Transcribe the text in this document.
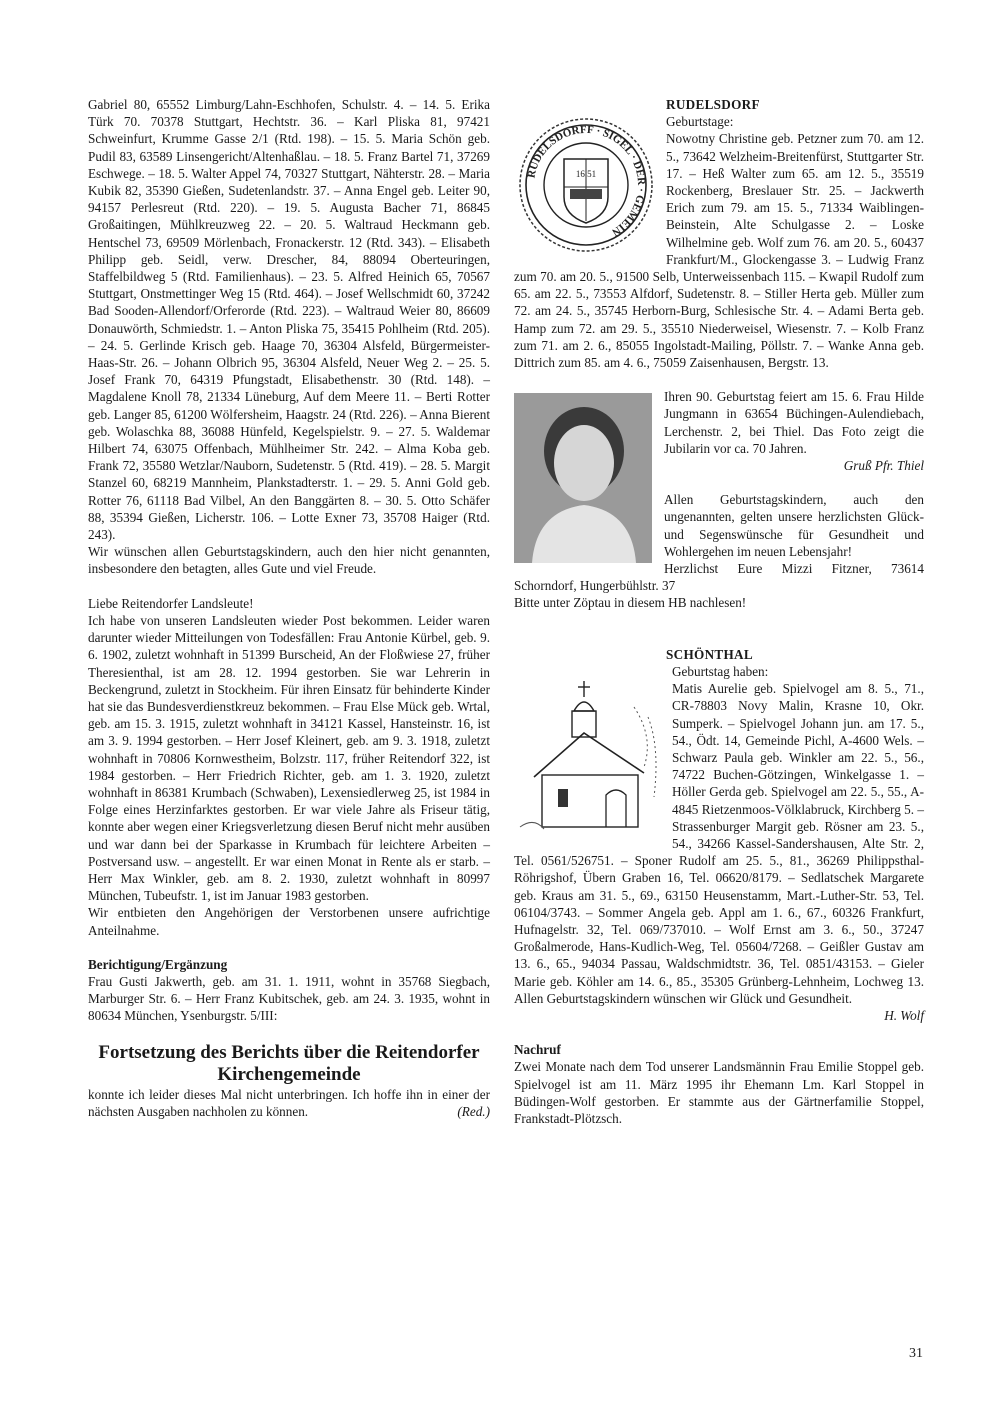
Gabriel 80, 65552 Limburg/Lahn-Eschhofen, Schulstr. 4. – 14. 5. Erika Türk 70. 70378 Stuttgart, Hechtstr. 36. – Karl Pliska 81, 97421 Schweinfurt, Krumme Gasse 2/1 (Rtd. 198). – 15. 5. Maria Schön geb. Pudil 83, 63589 Linsengericht/Altenhaßlau. – 18. 5. Franz Bartel 71, 37269 Eschwege. – 18. 5. Walter Appel 74, 70327 Stuttgart, Nähterstr. 28. – Maria Kubik 82, 35390 Gießen, Sudetenlandstr. 37. – Anna Engel geb. Leiter 90, 94157 Perlesreut (Rtd. 220). – 19. 5. Augusta Bacher 71, 86845 Großaitingen, Mühlkreuzweg 22. – 20. 5. Waltraud Heckmann geb. Hentschel 73, 69509 Mörlenbach, Fronackerstr. 12 (Rtd. 343). – Elisabeth Philipp geb. Seidl, verw. Drescher, 84, 88094 Oberteuringen, Staffelbildweg 5 (Rtd. Familienhaus). – 23. 5. Alfred Heinich 65, 70567 Stuttgart, Onstmettinger Weg 15 (Rtd. 464). – Josef Wellschmidt 60, 37242 Bad Sooden-Allendorf/Orferorde (Rtd. 223). – Waltraud Weier 80, 86609 Donauwörth, Schmiedstr. 1. – Anton Pliska 75, 35415 Pohlheim (Rtd. 205). – 24. 5. Gerlinde Krisch geb. Haage 70, 36304 Alsfeld, Bürgermeister-Haas-Str. 26. – Johann Olbrich 95, 36304 Alsfeld, Neuer Weg 2. – 25. 5. Josef Frank 70, 64319 Pfungstadt, Elisabethenstr. 30 (Rtd. 148). – Magdalene Knoll 78, 21334 Lüneburg, Auf dem Meere 11. – Berti Rotter geb. Langer 85, 61200 Wölfersheim, Haagstr. 24 (Rtd. 226). – Anna Bierent geb. Wolaschka 88, 36088 Hünfeld, Kegelspielstr. 9. – 27. 5. Waldemar Hilbert 74, 63075 Offenbach, Mühlheimer Str. 242. – Alma Koba geb. Frank 72, 35580 Wetzlar/Nauborn, Sudetenstr. 5 (Rtd. 419). – 28. 5. Margit Stanzel 60, 68219 Mannheim, Plankstadterstr. 1. – 29. 5. Anni Gold geb. Rotter 76, 61118 Bad Vilbel, An den Banggärten 8. – 30. 5. Otto Schäfer 88, 35394 Gießen, Licherstr. 106. – Lotte Exner 73, 35708 Haiger (Rtd. 243).

Wir wünschen allen Geburtstagskindern, auch den hier nicht genannten, insbesondere den betagten, alles Gute und viel Freude.

Liebe Reitendorfer Landsleute!

Ich habe von unseren Landsleuten wieder Post bekommen. Leider waren darunter wieder Mitteilungen von Todesfällen: Frau Antonie Kürbel, geb. 9. 6. 1902, zuletzt wohnhaft in 51399 Burscheid, An der Floßwiese 27, früher Theresienthal, ist am 28. 12. 1994 gestorben. Sie war Lehrerin in Beckengrund, zuletzt in Stockheim. Für ihren Einsatz für behinderte Kinder hat sie das Bundesverdienstkreuz bekommen. – Frau Else Mück geb. Wrtal, geb. am 15. 3. 1915, zuletzt wohnhaft in 34121 Kassel, Hansteinstr. 16, ist am 3. 9. 1994 gestorben. – Herr Josef Kleinert, geb. am 9. 3. 1918, zuletzt wohnhaft in 70806 Kornwestheim, Bolzstr. 117, früher Reitendorf 322, ist 1984 gestorben. – Herr Friedrich Richter, geb. am 1. 3. 1920, zuletzt wohnhaft in 86381 Krumbach (Schwaben), Lexensiedlerweg 25, ist 1984 in Folge eines Herzinfarktes gestorben. Er war viele Jahre als Friseur tätig, konnte aber wegen einer Kriegsverletzung diesen Beruf nicht mehr ausüben und war dann bei der Sparkasse in Krumbach für leichtere Arbeiten – Postversand usw. – angestellt. Er war einen Monat in Rente als er starb. – Herr Max Winkler, geb. am 8. 2. 1930, zuletzt wohnhaft in 80997 München, Tubeufstr. 1, ist im Januar 1983 gestorben.

Wir entbieten den Angehörigen der Verstorbenen unsere aufrichtige Anteilnahme.

Berichtigung/Ergänzung

Frau Gusti Jakwerth, geb. am 31. 1. 1911, wohnt in 35768 Siegbach, Marburger Str. 6. – Herr Franz Kubitschek, geb. am 24. 3. 1935, wohnt in 80634 München, Ysenburgstr. 5/III:

Fortsetzung des Berichts über die Reitendorfer Kirchengemeinde

konnte ich leider dieses Mal nicht unterbringen. Ich hoffe ihn in einer der nächsten Ausgaben nachholen zu können.	(Red.)

RUDELSDORF

RUDELSDORFF · SIGEL · DER · GEMEIN
16 51

Geburtstage:

Nowotny Christine geb. Petzner zum 70. am 12. 5., 73642 Welzheim-Breitenfürst, Stuttgarter Str. 17. – Heß Walter zum 65. am 12. 5., 35519 Rockenberg, Breslauer Str. 25. – Jackwerth Erich zum 79. am 15. 5., 71334 Waiblingen-Beinstein, Alte Schulgasse 2. – Loske Wilhelmine geb. Wolf zum 76. am 20. 5., 60437 Frankfurt/M., Glockengasse 3. – Ludwig Franz zum 70. am 20. 5., 91500 Selb, Unterweissenbach 115. – Kwapil Rudolf zum 65. am 22. 5., 73553 Alfdorf, Sudetenstr. 8. – Stiller Herta geb. Müller zum 72. am 24. 5., 35745 Herborn-Burg, Schlesische Str. 4. – Adami Berta geb. Hamp zum 72. am 29. 5., 35510 Niederweisel, Wiesenstr. 7. – Kolb Franz zum 71. am 2. 6., 85055 Ingolstadt-Mailing, Pöllstr. 7. – Wanke Anna geb. Dittrich zum 85. am 4. 6., 75059 Zaisenhausen, Bergstr. 13.

Ihren 90. Geburtstag feiert am 15. 6. Frau Hilde Jungmann in 63654 Büchingen-Aulendiebach, Lerchenstr. 2, bei Thiel. Das Foto zeigt die Jubilarin vor ca. 70 Jahren.

Gruß Pfr. Thiel

Allen Geburtstagskindern, auch den ungenannten, gelten unsere herzlichsten Glück- und Segenswünsche für Gesundheit und Wohlergehen im neuen Lebensjahr!

Herzlichst Eure Mizzi Fitzner, 73614 Schorndorf, Hungerbühlstr. 37

Bitte unter Zöptau in diesem HB nachlesen!

SCHÖNTHAL

Geburtstag haben:

Matis Aurelie geb. Spielvogel am 8. 5., 71., CR-78803 Novy Malin, Krasne 10, Okr. Sumperk. – Spielvogel Johann jun. am 17. 5., 54., Ödt. 14, Gemeinde Pichl, A-4600 Wels. – Schwarz Paula geb. Winkler am 22. 5., 56., 74722 Buchen-Götzingen, Winkelgasse 1. – Höller Gerda geb. Spielvogel am 22. 5., 55., A-4845 Rietzenmoos-Völklabruck, Kirchberg 5. – Strassenburger Margit geb. Rösner am 23. 5., 54., 34266 Kassel-Sandershausen, Alte Str. 2, Tel. 0561/526751. – Sponer Rudolf am 25. 5., 81., 36269 Philippsthal-Röhrigshof, Übern Graben 16, Tel. 06620/8179. – Sedlatschek Margarete geb. Kraus am 31. 5., 69., 63150 Heusenstamm, Mart.-Luther-Str. 53, Tel. 06104/3743. – Sommer Angela geb. Appl am 1. 6., 67., 60326 Frankfurt, Hufnagelstr. 32, Tel. 069/737010. – Wolf Ernst am 3. 6., 50., 37247 Großalmerode, Hans-Kudlich-Weg, Tel. 05604/7268. – Geißler Gustav am 13. 6., 65., 94034 Passau, Waldschmidtstr. 36, Tel. 0851/43153. – Gieler Marie geb. Köhler am 14. 6., 85., 35305 Grünberg-Lehnheim, Lochweg 13. Allen Geburtstagskindern wünschen wir Glück und Gesundheit.

H. Wolf

Nachruf

Zwei Monate nach dem Tod unserer Landsmännin Frau Emilie Stoppel geb. Spielvogel ist am 11. März 1995 ihr Ehemann Lm. Karl Stoppel in Büdingen-Wolf gestorben. Er stammte aus der Gärtnerfamilie Stoppel, Frankstadt-Plötzsch.

31
